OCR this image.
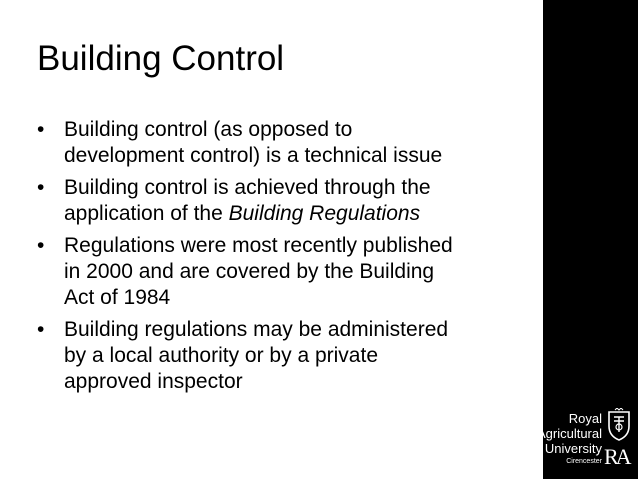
Building Control
• Building control (as opposed to
development control) is a technical issue
• Building control is achieved through the
application of the Building Regulations
• Regulations were most recently published
in 2000 and are covered by the Building
Act of 1984
• Building regulations may be administered
by a local authority or by a private
approved inspector
Royal
Agricultural
University
Cirencester RA
